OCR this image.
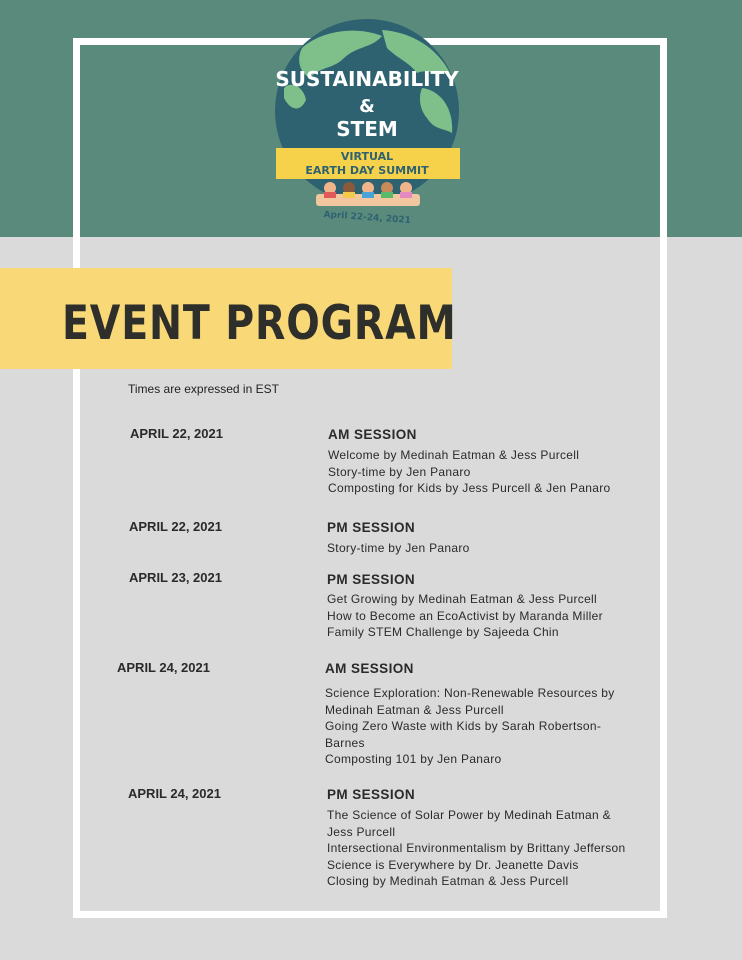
SUSTAINABILITY
&
STEM
VIRTUAL
EARTH DAY SUMMIT
April 22-24, 2021
EVENT PROGRAM
Times are expressed in EST
APRIL 22, 2021	AM SESSION
Welcome by Medinah Eatman & Jess Purcell
Story-time by Jen Panaro
Composting for Kids by Jess Purcell & Jen Panaro
APRIL 22, 2021	PM SESSION
Story-time by Jen Panaro
APRIL 23, 2021	PM SESSION
Get Growing by Medinah Eatman & Jess Purcell
How to Become an EcoActivist by Maranda Miller
Family STEM Challenge by Sajeeda Chin
APRIL 24, 2021	AM SESSION
Science Exploration: Non-Renewable Resources by Medinah Eatman & Jess Purcell
Going Zero Waste with Kids by Sarah Robertson-Barnes
Composting 101 by Jen Panaro
APRIL 24, 2021	PM SESSION
The Science of Solar Power by Medinah Eatman & Jess Purcell
Intersectional Environmentalism by Brittany Jefferson
Science is Everywhere by Dr. Jeanette Davis
Closing by Medinah Eatman & Jess Purcell
